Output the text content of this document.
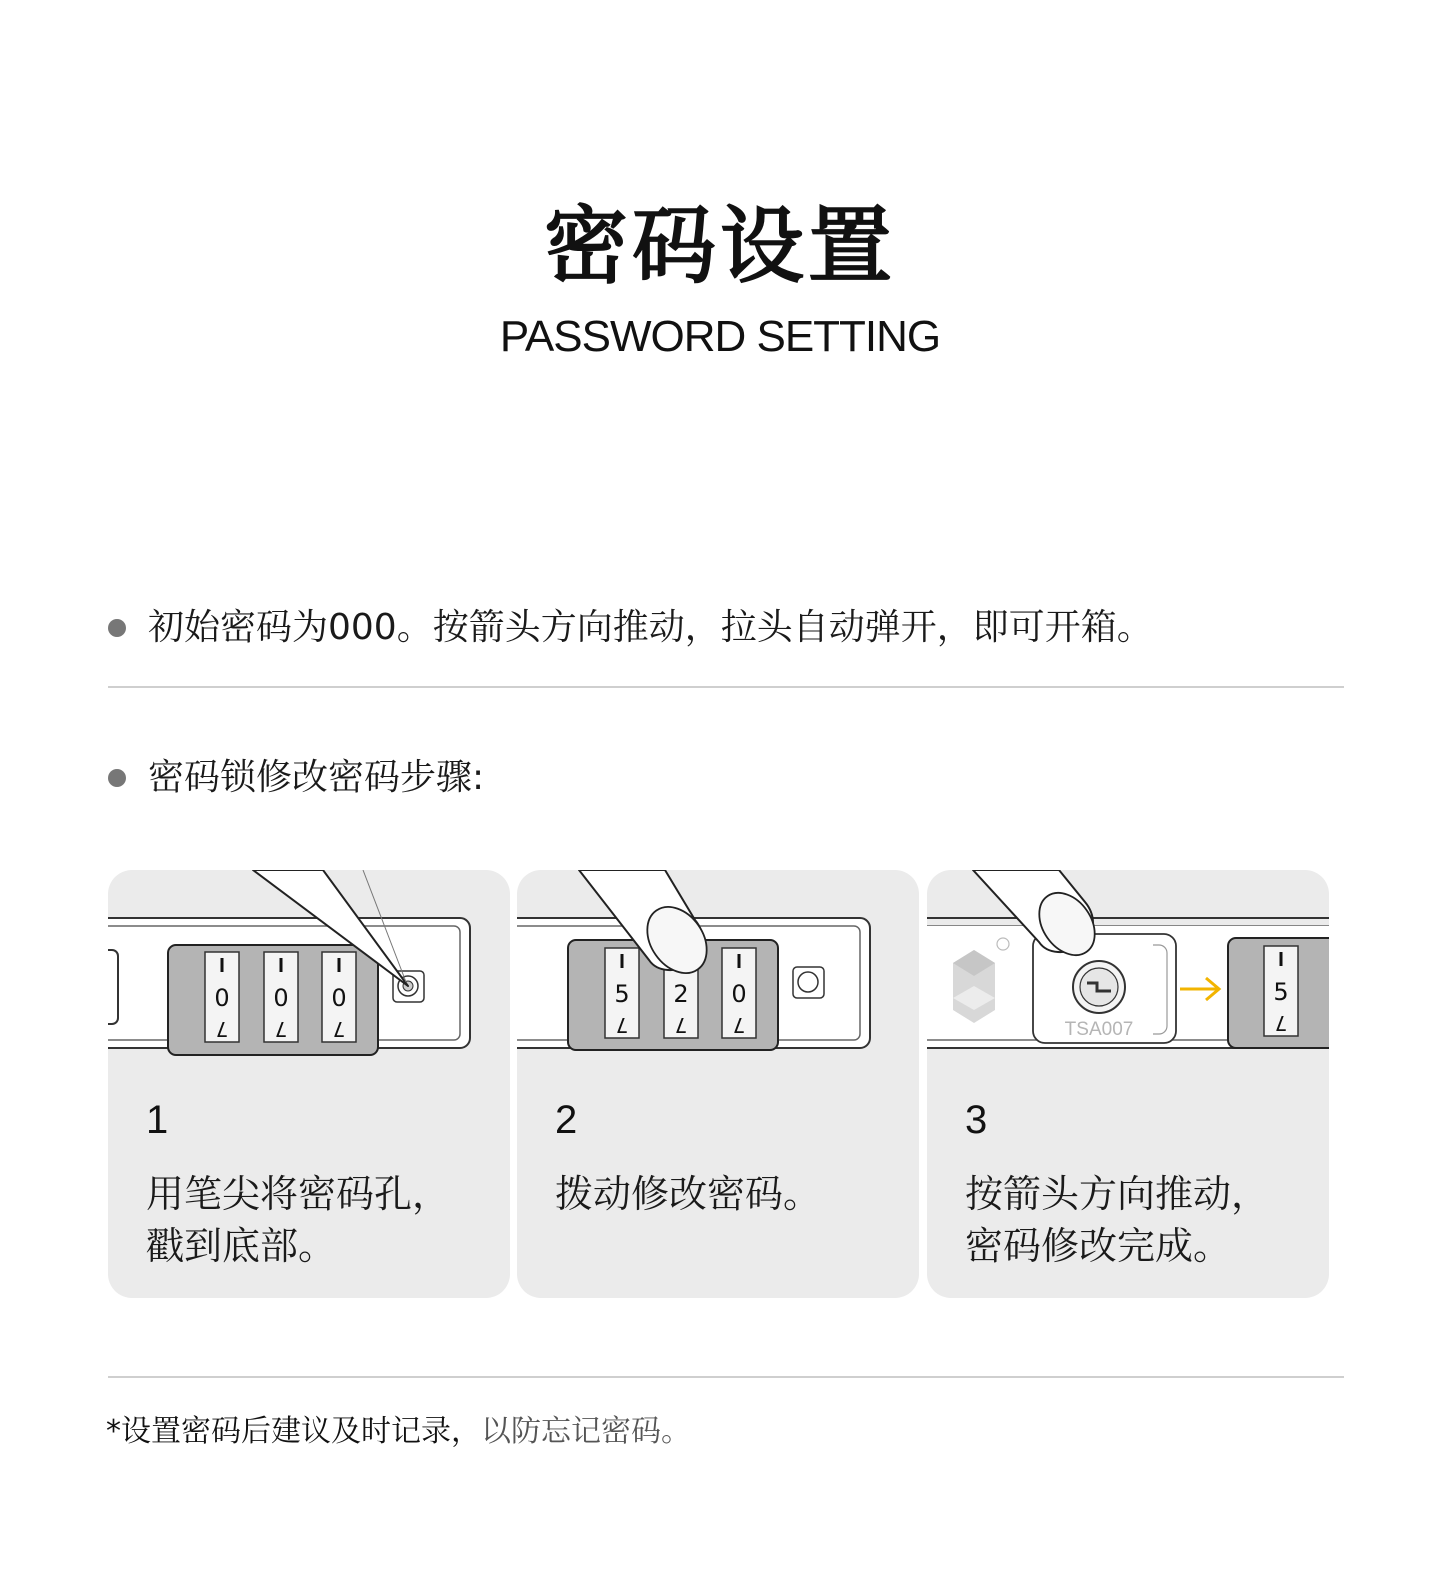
密码设置
PASSWORD SETTING
初始密码为000。按箭头方向推动，拉头自动弹开，即可开箱。
密码锁修改密码步骤:
0
7
0
7
0
7
1
用笔尖将密码孔，
戳到底部。
5
7
2
7
0
7
2
拨动修改密码。
TSA007
5
7
3
按箭头方向推动，
密码修改完成。
*设置密码后建议及时记录，以防忘记密码。
